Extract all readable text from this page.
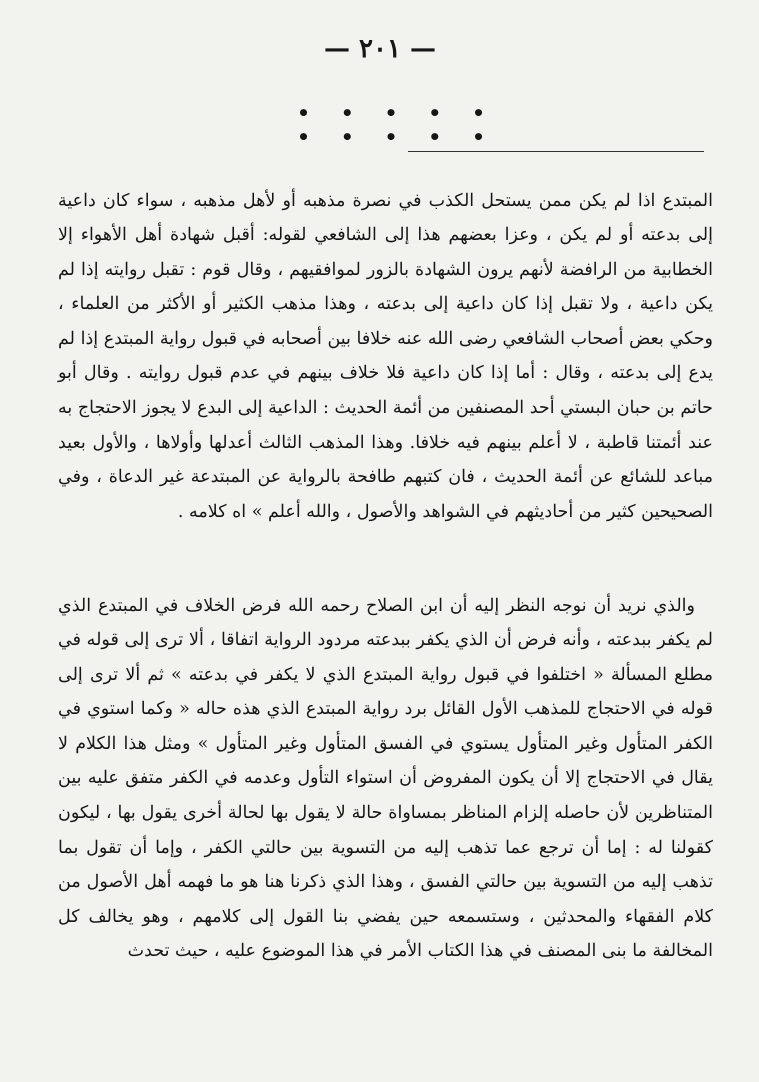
— ٢٠١ —
• • • • • • • • • •

المبتدع اذا لم يكن ممن يستحل الكذب في نصرة مذهبه أو لأهل مذهبه ، سواء كان داعية إلى بدعته أو لم يكن ، وعزا بعضهم هذا إلى الشافعي لقوله: أقبل شهادة أهل الأهواء إلا الخطابية من الرافضة لأنهم يرون الشهادة بالزور لموافقيهم ، وقال قوم : تقبل روايته إذا لم يكن داعية ، ولا تقبل إذا كان داعية إلى بدعته ، وهذا مذهب الكثير أو الأكثر من العلماء ، وحكي بعض أصحاب الشافعي رضى الله عنه خلافا بين أصحابه في قبول رواية المبتدع إذا لم يدع إلى بدعته ، وقال : أما إذا كان داعية فلا خلاف بينهم في عدم قبول روايته . وقال أبو حاتم بن حبان البستي أحد المصنفين من أئمة الحديث : الداعية إلى البدع لا يجوز الاحتجاج به عند أئمتنا قاطبة ، لا أعلم بينهم فيه خلافا. وهذا المذهب الثالث أعدلها وأولاها ، والأول بعيد مباعد للشائع عن أئمة الحديث ، فان كتبهم طافحة بالرواية عن المبتدعة غير الدعاة ، وفي الصحيحين كثير من أحاديثهم في الشواهد والأصول ، والله أعلم » اه كلامه .

والذي نريد أن نوجه النظر إليه أن ابن الصلاح رحمه الله فرض الخلاف في المبتدع الذي لم يكفر ببدعته ، وأنه فرض أن الذي يكفر ببدعته مردود الرواية اتفاقا ، ألا ترى إلى قوله في مطلع المسألة « اختلفوا في قبول رواية المبتدع الذي لا يكفر في بدعته » ثم ألا ترى إلى قوله في الاحتجاج للمذهب الأول القائل برد رواية المبتدع الذي هذه حاله « وكما استوي في الكفر المتأول وغير المتأول يستوي في الفسق المتأول وغير المتأول » ومثل هذا الكلام لا يقال في الاحتجاج إلا أن يكون المفروض أن استواء التأول وعدمه في الكفر متفق عليه بين المتناظرين لأن حاصله إلزام المناظر بمساواة حالة لا يقول بها لحالة أخرى يقول بها ، ليكون كقولنا له : إما أن ترجع عما تذهب إليه من التسوية بين حالتي الكفر ، وإما أن تقول بما تذهب إليه من التسوية بين حالتي الفسق ، وهذا الذي ذكرنا هنا هو ما فهمه أهل الأصول من كلام الفقهاء والمحدثين ، وستسمعه حين يفضي بنا القول إلى كلامهم ، وهو يخالف كل المخالفة ما بنى المصنف في هذا الكتاب الأمر في هذا الموضوع عليه ، حيث تحدث
